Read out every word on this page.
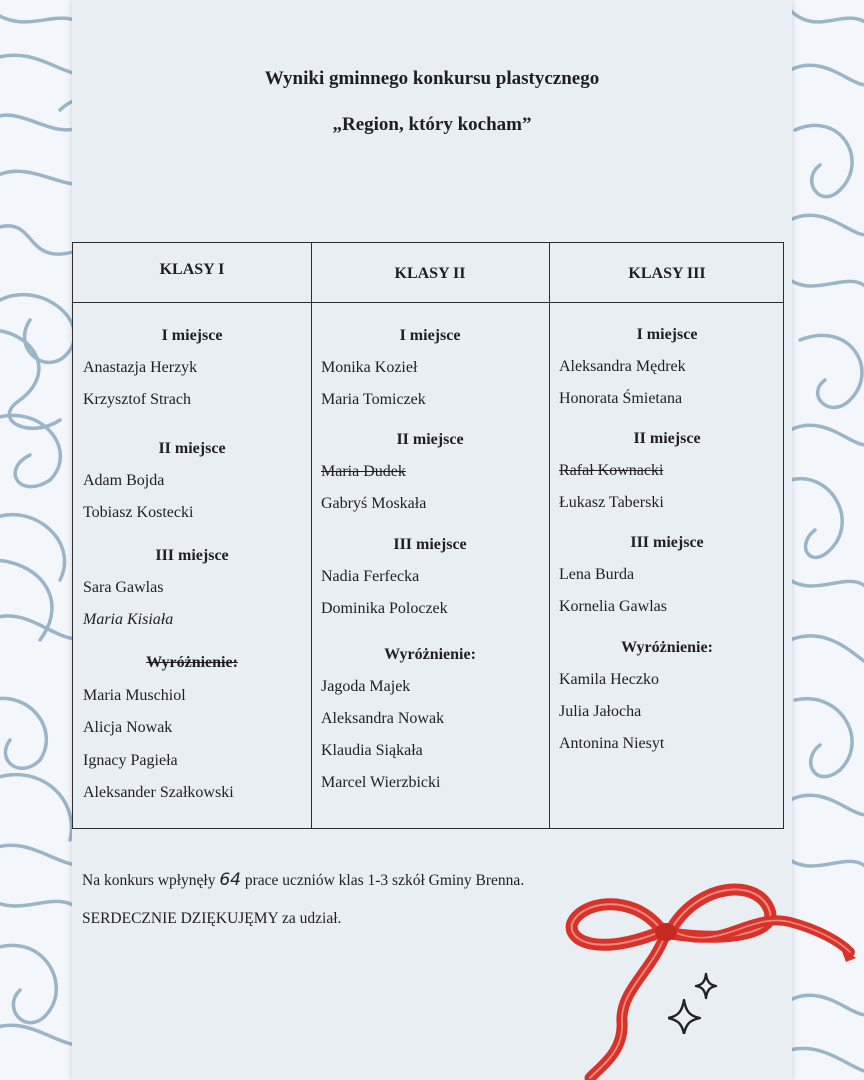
Wyniki gminnego konkursu plastycznego
„Region, który kocham”
KLASY I
I miejsce
Anastazja Herzyk
Krzysztof Strach
II miejsce
Adam Bojda
Tobiasz Kostecki
III miejsce
Sara Gawlas
Maria Kisiała
Wyróżnienie:
Maria Muschiol
Alicja Nowak
Ignacy Pagieła
Aleksander Szałkowski
KLASY II
I miejsce
Monika Kozieł
Maria Tomiczek
II miejsce
Maria Dudek
Gabryś Moskała
III miejsce
Nadia Ferfecka
Dominika Poloczek
Wyróżnienie:
Jagoda Majek
Aleksandra Nowak
Klaudia Siąkała
Marcel Wierzbicki
KLASY III
I miejsce
Aleksandra Mędrek
Honorata Śmietana
II miejsce
Rafał Kownacki
Łukasz Taberski
III miejsce
Lena Burda
Kornelia Gawlas
Wyróżnienie:
Kamila Heczko
Julia Jałocha
Antonina Niesyt
Na konkurs wpłynęły 64 prace uczniów klas 1-3 szkół Gminy Brenna.
SERDECZNIE DZIĘKUJĘMY za udział.
